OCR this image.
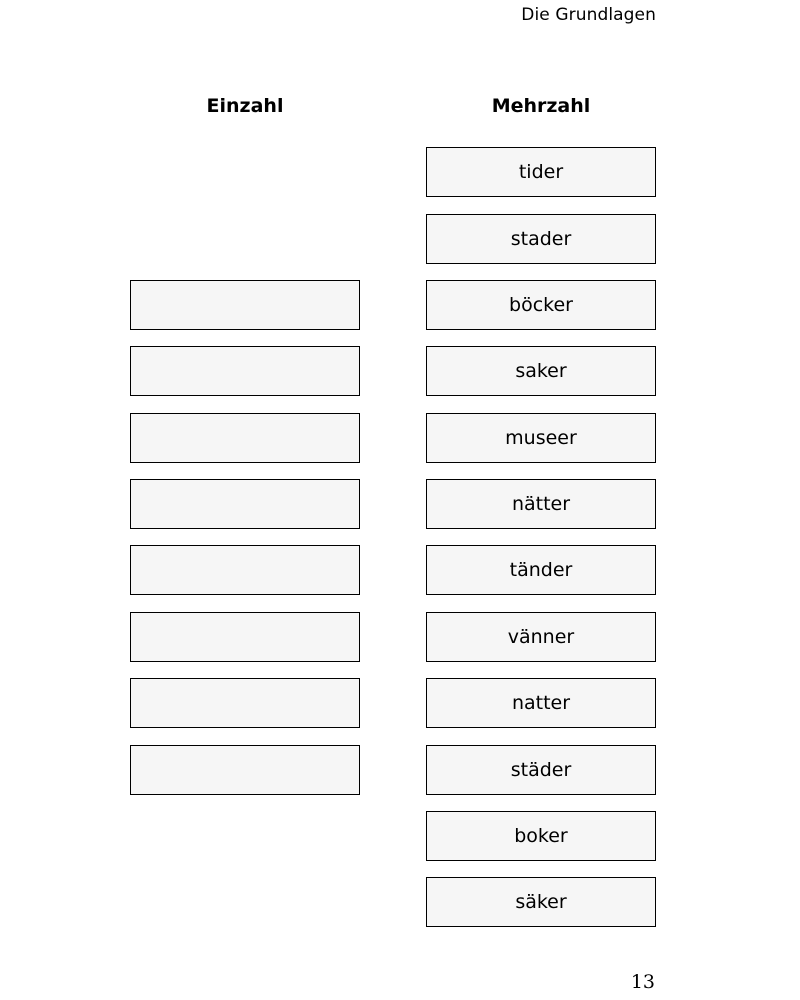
Die Grundlagen
Einzahl	Mehrzahl
tider
stader
böcker
saker
museer
nätter
tänder
vänner
natter
städer
boker
säker
13
